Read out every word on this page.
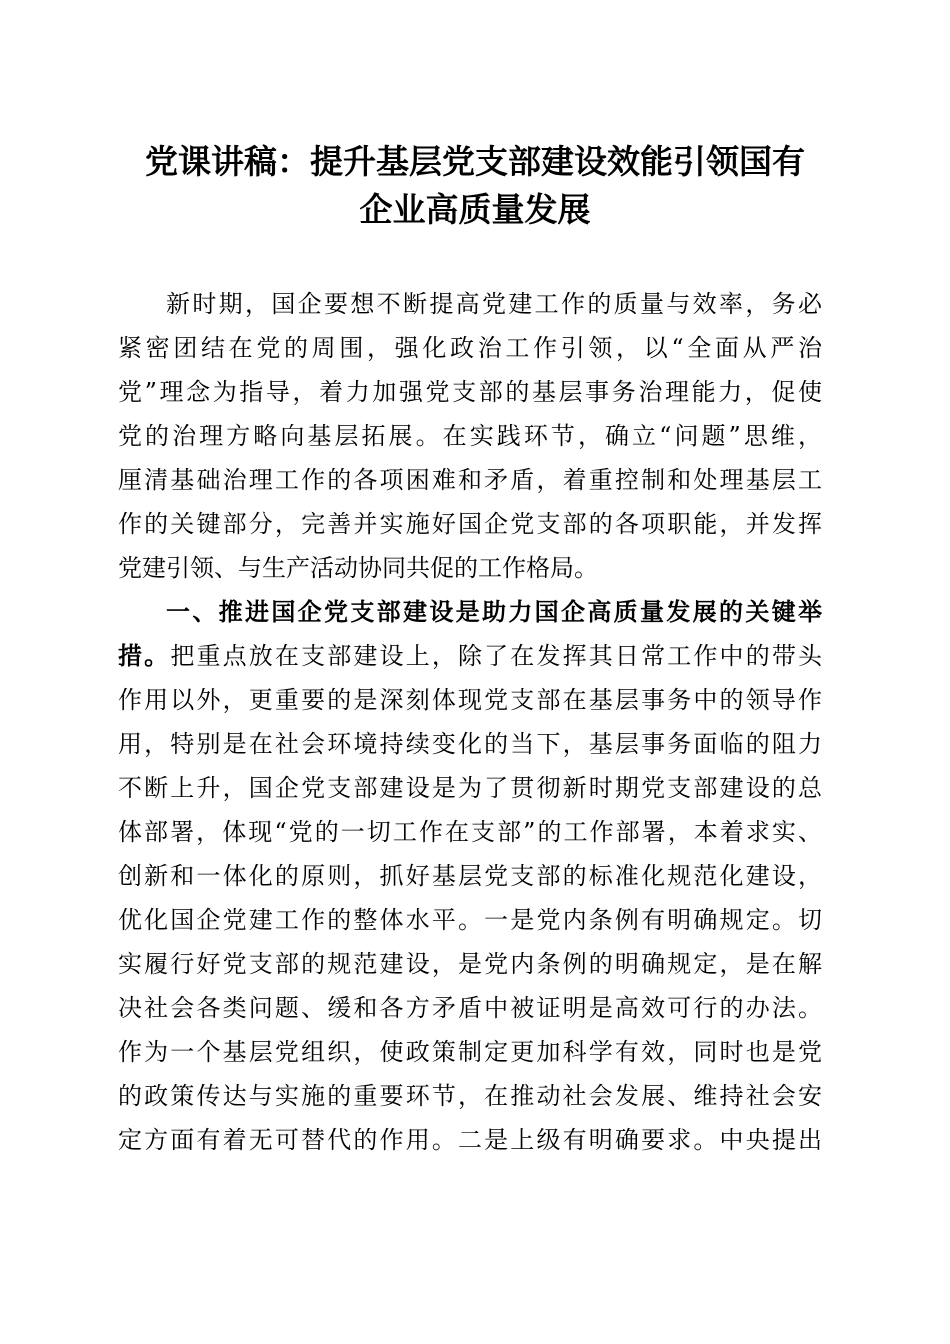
党课讲稿：提升基层党支部建设效能引领国有
企业高质量发展
新时期，国企要想不断提高党建工作的质量与效率，务必
紧密团结在党的周围，强化政治工作引领，以“全面从严治
党”理念为指导，着力加强党支部的基层事务治理能力，促使
党的治理方略向基层拓展。在实践环节，确立“问题”思维，
厘清基础治理工作的各项困难和矛盾，着重控制和处理基层工
作的关键部分，完善并实施好国企党支部的各项职能，并发挥
党建引领、与生产活动协同共促的工作格局。
一、推进国企党支部建设是助力国企高质量发展的关键举
措。把重点放在支部建设上，除了在发挥其日常工作中的带头
作用以外，更重要的是深刻体现党支部在基层事务中的领导作
用，特别是在社会环境持续变化的当下，基层事务面临的阻力
不断上升，国企党支部建设是为了贯彻新时期党支部建设的总
体部署，体现“党的一切工作在支部”的工作部署，本着求实、
创新和一体化的原则，抓好基层党支部的标准化规范化建设，
优化国企党建工作的整体水平。一是党内条例有明确规定。切
实履行好党支部的规范建设，是党内条例的明确规定，是在解
决社会各类问题、缓和各方矛盾中被证明是高效可行的办法。
作为一个基层党组织，使政策制定更加科学有效，同时也是党
的政策传达与实施的重要环节，在推动社会发展、维持社会安
定方面有着无可替代的作用。二是上级有明确要求。中央提出
